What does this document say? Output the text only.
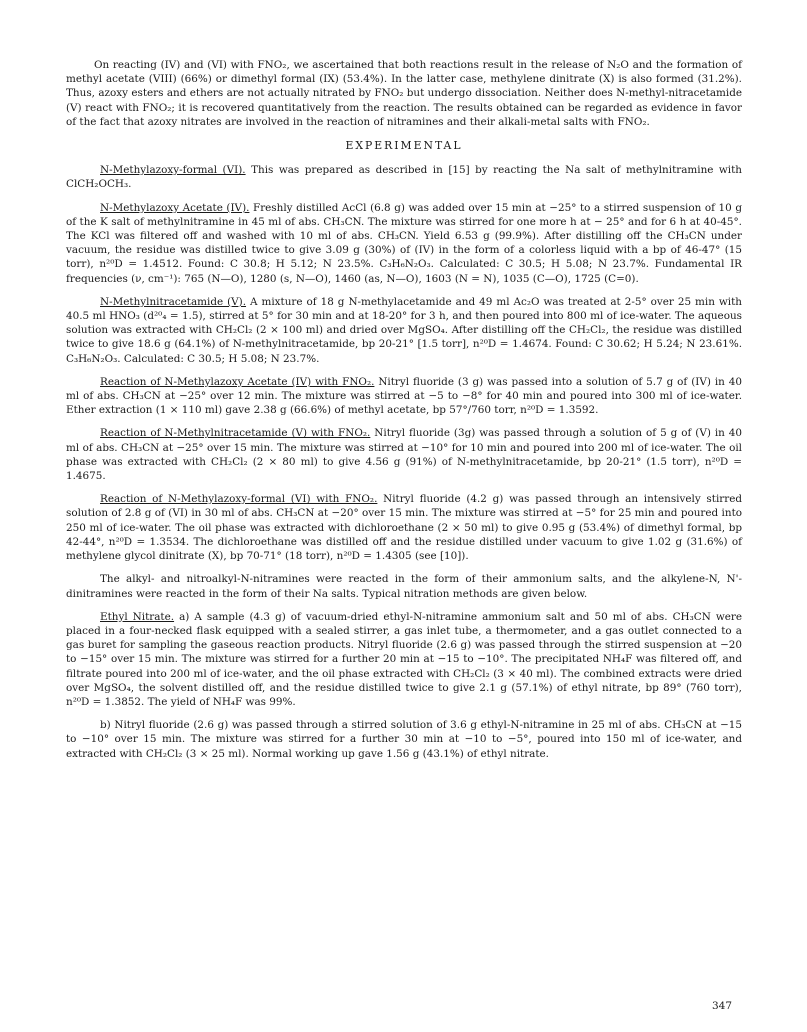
On reacting (IV) and (VI) with FNO₂, we ascertained that both reactions result in the release of N₂O and the formation of methyl acetate (VIII) (66%) or dimethyl formal (IX) (53.4%). In the latter case, methylene dinitrate (X) is also formed (31.2%). Thus, azoxy esters and ethers are not actually nitrated by FNO₂ but undergo dissociation. Neither does N-methyl-nitracetamide (V) react with FNO₂; it is recovered quantitatively from the reaction. The results obtained can be regarded as evidence in favor of the fact that azoxy nitrates are involved in the reaction of nitramines and their alkali-metal salts with FNO₂.

EXPERIMENTAL

N-Methylazoxy-formal (VI). This was prepared as described in [15] by reacting the Na salt of methylnitramine with ClCH₂OCH₃.

N-Methylazoxy Acetate (IV). Freshly distilled AcCl (6.8 g) was added over 15 min at −25° to a stirred suspension of 10 g of the K salt of methylnitramine in 45 ml of abs. CH₃CN. The mixture was stirred for one more h at − 25° and for 6 h at 40-45°. The KCl was filtered off and washed with 10 ml of abs. CH₃CN. Yield 6.53 g (99.9%). After distilling off the CH₃CN under vacuum, the residue was distilled twice to give 3.09 g (30%) of (IV) in the form of a colorless liquid with a bp of 46-47° (15 torr), n²⁰D = 1.4512. Found: C 30.8; H 5.12; N 23.5%. C₃H₆N₂O₃. Calculated: C 30.5; H 5.08; N 23.7%. Fundamental IR frequencies (ν, cm⁻¹): 765 (N—O), 1280 (s, N—O), 1460 (as, N—O), 1603 (N = N), 1035 (C—O), 1725 (C=0).

N-Methylnitracetamide (V). A mixture of 18 g N-methylacetamide and 49 ml Ac₂O was treated at 2-5° over 25 min with 40.5 ml HNO₃ (d²⁰₄ = 1.5), stirred at 5° for 30 min and at 18-20° for 3 h, and then poured into 800 ml of ice-water. The aqueous solution was extracted with CH₂Cl₂ (2 × 100 ml) and dried over MgSO₄. After distilling off the CH₂Cl₂, the residue was distilled twice to give 18.6 g (64.1%) of N-methylnitracetamide, bp 20-21° [1.5 torr], n²⁰D = 1.4674. Found: C 30.62; H 5.24; N 23.61%. C₃H₆N₂O₃. Calculated: C 30.5; H 5.08; N 23.7%.

Reaction of N-Methylazoxy Acetate (IV) with FNO₂. Nitryl fluoride (3 g) was passed into a solution of 5.7 g of (IV) in 40 ml of abs. CH₃CN at −25° over 12 min. The mixture was stirred at −5 to −8° for 40 min and poured into 300 ml of ice-water. Ether extraction (1 × 110 ml) gave 2.38 g (66.6%) of methyl acetate, bp 57°/760 torr, n²⁰D = 1.3592.

Reaction of N-Methylnitracetamide (V) with FNO₂. Nitryl fluoride (3g) was passed through a solution of 5 g of (V) in 40 ml of abs. CH₃CN at −25° over 15 min. The mixture was stirred at −10° for 10 min and poured into 200 ml of ice-water. The oil phase was extracted with CH₂Cl₂ (2 × 80 ml) to give 4.56 g (91%) of N-methylnitracetamide, bp 20-21° (1.5 torr), n²⁰D = 1.4675.

Reaction of N-Methylazoxy-formal (VI) with FNO₂. Nitryl fluoride (4.2 g) was passed through an intensively stirred solution of 2.8 g of (VI) in 30 ml of abs. CH₃CN at −20° over 15 min. The mixture was stirred at −5° for 25 min and poured into 250 ml of ice-water. The oil phase was extracted with dichloroethane (2 × 50 ml) to give 0.95 g (53.4%) of dimethyl formal, bp 42-44°, n²⁰D = 1.3534. The dichloroethane was distilled off and the residue distilled under vacuum to give 1.02 g (31.6%) of methylene glycol dinitrate (X), bp 70-71° (18 torr), n²⁰D = 1.4305 (see [10]).

The alkyl- and nitroalkyl-N-nitramines were reacted in the form of their ammonium salts, and the alkylene-N, N'-dinitramines were reacted in the form of their Na salts. Typical nitration methods are given below.

Ethyl Nitrate. a) A sample (4.3 g) of vacuum-dried ethyl-N-nitramine ammonium salt and 50 ml of abs. CH₃CN were placed in a four-necked flask equipped with a sealed stirrer, a gas inlet tube, a thermometer, and a gas outlet connected to a gas buret for sampling the gaseous reaction products. Nitryl fluoride (2.6 g) was passed through the stirred suspension at −20 to −15° over 15 min. The mixture was stirred for a further 20 min at −15 to −10°. The precipitated NH₄F was filtered off, and filtrate poured into 200 ml of ice-water, and the oil phase extracted with CH₂Cl₂ (3 × 40 ml). The combined extracts were dried over MgSO₄, the solvent distilled off, and the residue distilled twice to give 2.1 g (57.1%) of ethyl nitrate, bp 89° (760 torr), n²⁰D = 1.3852. The yield of NH₄F was 99%.

b) Nitryl fluoride (2.6 g) was passed through a stirred solution of 3.6 g ethyl-N-nitramine in 25 ml of abs. CH₃CN at −15 to −10° over 15 min. The mixture was stirred for a further 30 min at −10 to −5°, poured into 150 ml of ice-water, and extracted with CH₂Cl₂ (3 × 25 ml). Normal working up gave 1.56 g (43.1%) of ethyl nitrate.

347
